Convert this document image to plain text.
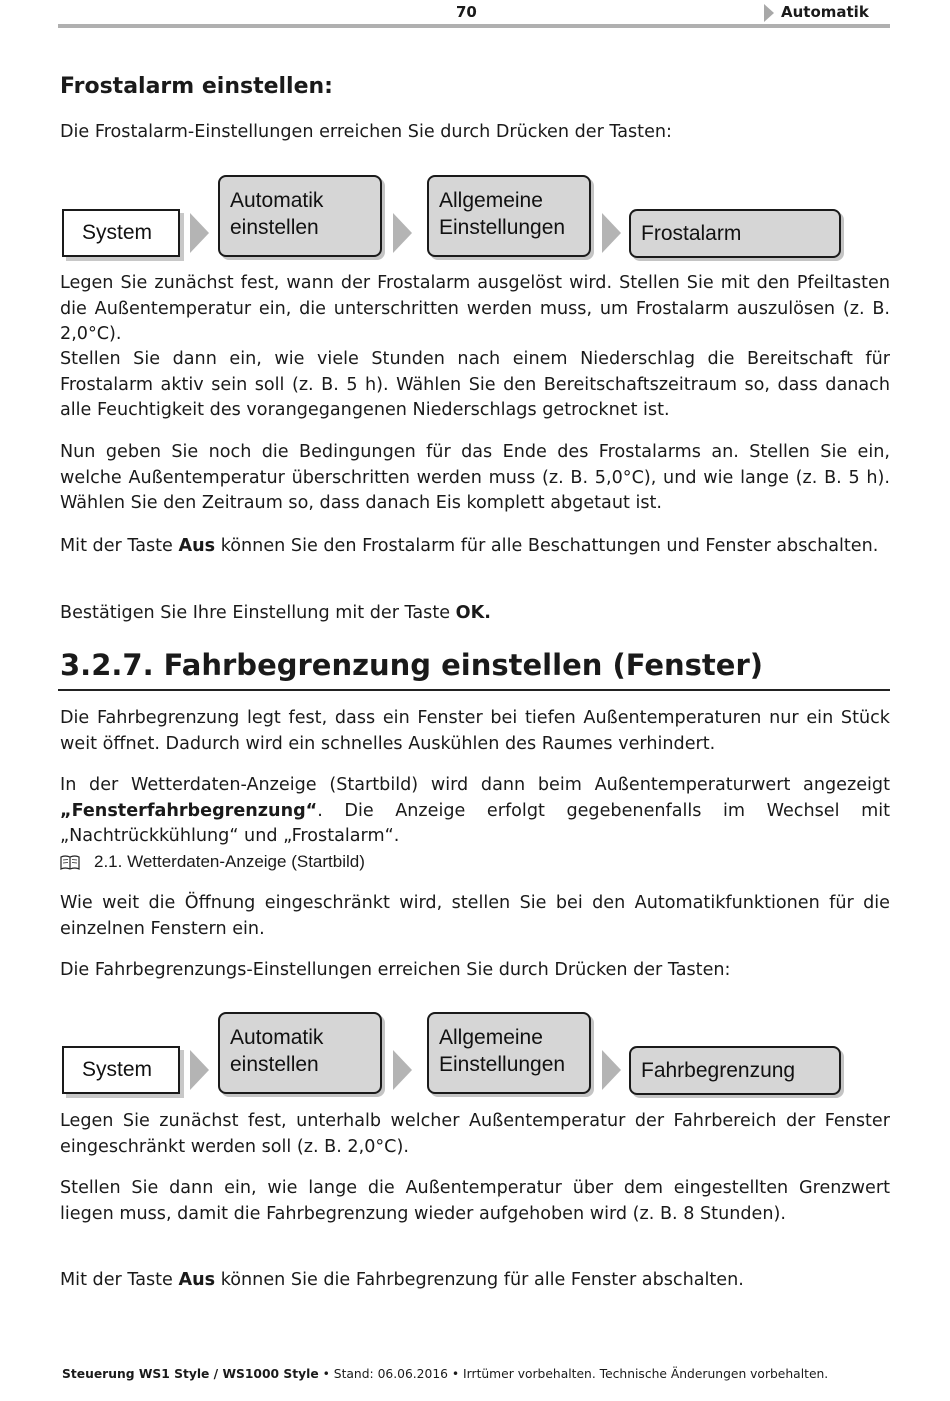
70	Automatik
Frostalarm einstellen:

Die Frostalarm-Einstellungen erreichen Sie durch Drücken der Tasten:

System
Automatik
einstellen
Allgemeine
Einstellungen	Frostalarm

Legen Sie zunächst fest, wann der Frostalarm ausgelöst wird. Stellen Sie mit den Pfeiltasten die Außentemperatur ein, die unterschritten werden muss, um Frostalarm auszulösen (z. B. 2,0°C).

Stellen Sie dann ein, wie viele Stunden nach einem Niederschlag die Bereitschaft für Frostalarm aktiv sein soll (z. B. 5 h). Wählen Sie den Bereitschaftszeitraum so, dass danach alle Feuchtigkeit des vorangegangenen Niederschlags getrocknet ist.

Nun geben Sie noch die Bedingungen für das Ende des Frostalarms an. Stellen Sie ein, welche Außentemperatur überschritten werden muss (z. B. 5,0°C), und wie lange (z. B. 5 h). Wählen Sie den Zeitraum so, dass danach Eis komplett abgetaut ist.

Mit der Taste Aus können Sie den Frostalarm für alle Beschattungen und Fenster abschalten.

Bestätigen Sie Ihre Einstellung mit der Taste OK.

3.2.7. Fahrbegrenzung einstellen (Fenster)

Die Fahrbegrenzung legt fest, dass ein Fenster bei tiefen Außentemperaturen nur ein Stück weit öffnet. Dadurch wird ein schnelles Auskühlen des Raumes verhindert.

In der Wetterdaten-Anzeige (Startbild) wird dann beim Außentemperaturwert angezeigt „Fensterfahrbegrenzung“. Die Anzeige erfolgt gegebenenfalls im Wechsel mit „Nachtrückkühlung“ und „Frostalarm“.

2.1. Wetterdaten-Anzeige (Startbild)

Wie weit die Öffnung eingeschränkt wird, stellen Sie bei den Automatikfunktionen für die einzelnen Fenstern ein.

Die Fahrbegrenzungs-Einstellungen erreichen Sie durch Drücken der Tasten:

System
Automatik
einstellen
Allgemeine
Einstellungen	Fahrbegrenzung

Legen Sie zunächst fest, unterhalb welcher Außentemperatur der Fahrbereich der Fenster eingeschränkt werden soll (z. B. 2,0°C).

Stellen Sie dann ein, wie lange die Außentemperatur über dem eingestellten Grenzwert liegen muss, damit die Fahrbegrenzung wieder aufgehoben wird (z. B. 8 Stunden).

Mit der Taste Aus können Sie die Fahrbegrenzung für alle Fenster abschalten.

Steuerung WS1 Style / WS1000 Style • Stand: 06.06.2016 • Irrtümer vorbehalten. Technische Änderungen vorbehalten.
